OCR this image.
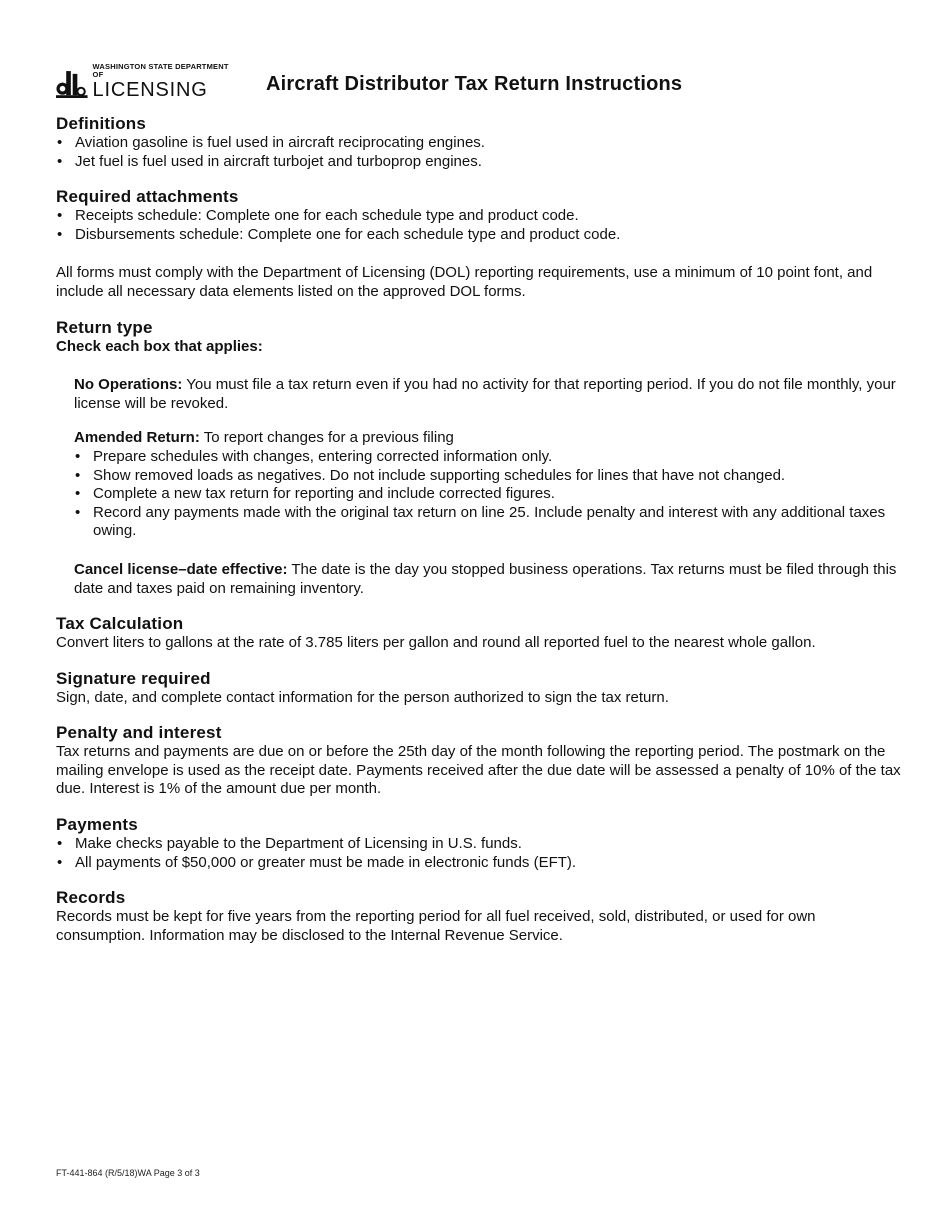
WASHINGTON STATE DEPARTMENT OF
LICENSING	Aircraft Distributor Tax Return Instructions
Definitions
• Aviation gasoline is fuel used in aircraft reciprocating engines.
• Jet fuel is fuel used in aircraft turbojet and turboprop engines.
Required attachments
• Receipts schedule: Complete one for each schedule type and product code.
• Disbursements schedule: Complete one for each schedule type and product code.

All forms must comply with the Department of Licensing (DOL) reporting requirements, use a minimum of 10 point font, and include all necessary data elements listed on the approved DOL forms.

Return type
Check each box that applies:

No Operations: You must file a tax return even if you had no activity for that reporting period. If you do not file monthly, your license will be revoked.

Amended Return: To report changes for a previous filing

• Prepare schedules with changes, entering corrected information only.
• Show removed loads as negatives. Do not include supporting schedules for lines that have not changed.
• Complete a new tax return for reporting and include corrected figures.
• Record any payments made with the original tax return on line 25. Include penalty and interest with any additional taxes owing.

Cancel license–date effective: The date is the day you stopped business operations. Tax returns must be filed through this date and taxes paid on remaining inventory.

Tax Calculation

Convert liters to gallons at the rate of 3.785 liters per gallon and round all reported fuel to the nearest whole gallon.

Signature required

Sign, date, and complete contact information for the person authorized to sign the tax return.

Penalty and interest

Tax returns and payments are due on or before the 25th day of the month following the reporting period. The postmark on the mailing envelope is used as the receipt date. Payments received after the due date will be assessed a penalty of 10% of the tax due. Interest is 1% of the amount due per month.

Payments
• Make checks payable to the Department of Licensing in U.S. funds.
• All payments of $50,000 or greater must be made in electronic funds (EFT).
Records

Records must be kept for five years from the reporting period for all fuel received, sold, distributed, or used for own consumption. Information may be disclosed to the Internal Revenue Service.

FT-441-864 (R/5/18)WA Page 3 of 3
